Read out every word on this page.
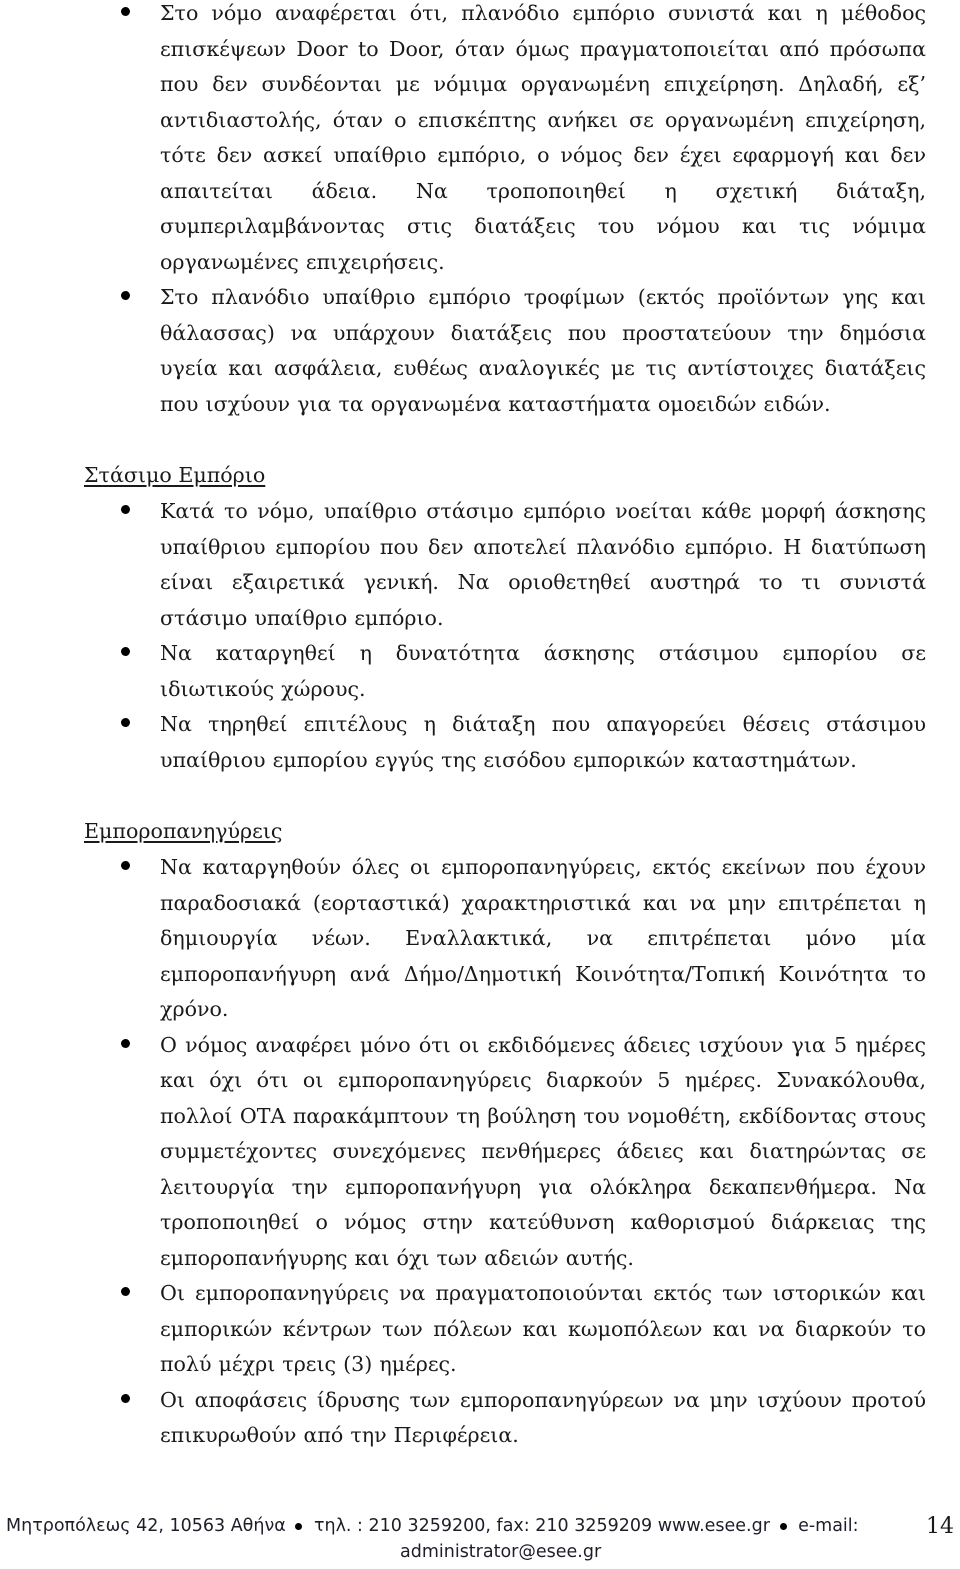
Στο νόμο αναφέρεται ότι, πλανόδιο εμπόριο συνιστά και η μέθοδος επισκέψεων Door to Door, όταν όμως πραγματοποιείται από πρόσωπα που δεν συνδέονται με νόμιμα οργανωμένη επιχείρηση. Δηλαδή, εξ’ αντιδιαστολής, όταν ο επισκέπτης ανήκει σε οργανωμένη επιχείρηση, τότε δεν ασκεί υπαίθριο εμπόριο, ο νόμος δεν έχει εφαρμογή και δεν απαιτείται άδεια. Να τροποποιηθεί η σχετική διάταξη, συμπεριλαμβάνοντας στις διατάξεις του νόμου και τις νόμιμα οργανωμένες επιχειρήσεις.
Στο πλανόδιο υπαίθριο εμπόριο τροφίμων (εκτός προϊόντων γης και θάλασσας) να υπάρχουν διατάξεις που προστατεύουν την δημόσια υγεία και ασφάλεια, ευθέως αναλογικές με τις αντίστοιχες διατάξεις που ισχύουν για τα οργανωμένα καταστήματα ομοειδών ειδών.
Στάσιμο Εμπόριο
Κατά το νόμο, υπαίθριο στάσιμο εμπόριο νοείται κάθε μορφή άσκησης υπαίθριου εμπορίου που δεν αποτελεί πλανόδιο εμπόριο. Η διατύπωση είναι εξαιρετικά γενική. Να οριοθετηθεί αυστηρά το τι συνιστά στάσιμο υπαίθριο εμπόριο.
Να καταργηθεί η δυνατότητα άσκησης στάσιμου εμπορίου σε ιδιωτικούς χώρους.
Να τηρηθεί επιτέλους η διάταξη που απαγορεύει θέσεις στάσιμου υπαίθριου εμπορίου εγγύς της εισόδου εμπορικών καταστημάτων.
Εμποροπανηγύρεις
Να καταργηθούν όλες οι εμποροπανηγύρεις, εκτός εκείνων που έχουν παραδοσιακά (εορταστικά) χαρακτηριστικά και να μην επιτρέπεται η δημιουργία νέων. Εναλλακτικά, να επιτρέπεται μόνο μία εμποροπανήγυρη ανά Δήμο/Δημοτική Κοινότητα/Τοπική Κοινότητα το χρόνο.
Ο νόμος αναφέρει μόνο ότι οι εκδιδόμενες άδειες ισχύουν για 5 ημέρες και όχι ότι οι εμποροπανηγύρεις διαρκούν 5 ημέρες. Συνακόλουθα, πολλοί ΟΤΑ παρακάμπτουν τη βούληση του νομοθέτη, εκδίδοντας στους συμμετέχοντες συνεχόμενες πενθήμερες άδειες και διατηρώντας σε λειτουργία την εμποροπανήγυρη για ολόκληρα δεκαπενθήμερα. Να τροποποιηθεί ο νόμος στην κατεύθυνση καθορισμού διάρκειας της εμποροπανήγυρης και όχι των αδειών αυτής.
Οι εμποροπανηγύρεις να πραγματοποιούνται εκτός των ιστορικών και εμπορικών κέντρων των πόλεων και κωμοπόλεων και να διαρκούν το πολύ μέχρι τρεις (3) ημέρες.
Οι αποφάσεις ίδρυσης των εμποροπανηγύρεων να μην ισχύουν προτού επικυρωθούν από την Περιφέρεια.
Μητροπόλεως 42, 10563 Αθήνα τηλ. : 210 3259200, fax: 210 3259209 www.esee.gr e-mail:
administrator@esee.gr
14
